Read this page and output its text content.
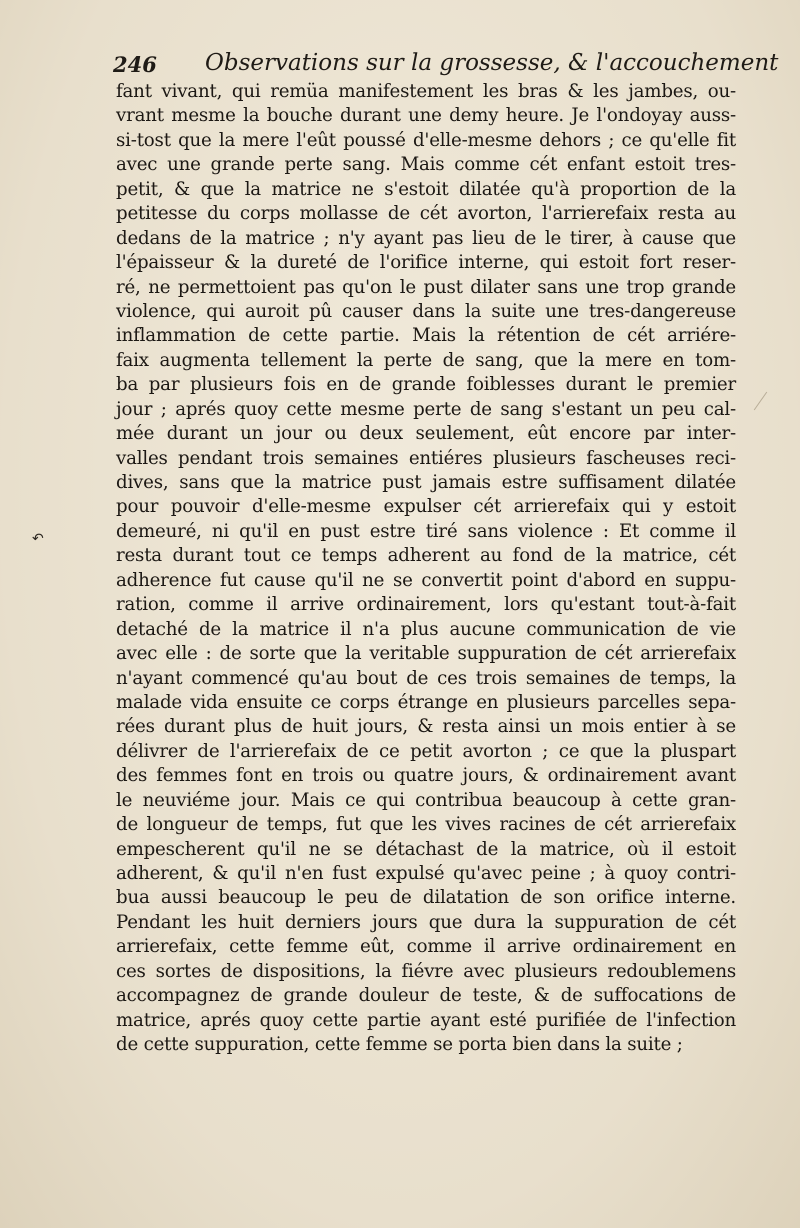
246 Observations sur la grossesse, & l'accouchement
fant vivant, qui remüa manifestement les bras & les jambes, ou-
vrant mesme la bouche durant une demy heure. Je l'ondoyay auss-
si-tost que la mere l'eût poussé d'elle-mesme dehors ; ce qu'elle fit
avec une grande perte sang. Mais comme cét enfant estoit tres-
petit, & que la matrice ne s'estoit dilatée qu'à proportion de la
petitesse du corps mollasse de cét avorton, l'arrierefaix resta au
dedans de la matrice ; n'y ayant pas lieu de le tirer, à cause que
l'épaisseur & la dureté de l'orifice interne, qui estoit fort reser-
ré, ne permettoient pas qu'on le pust dilater sans une trop grande
violence, qui auroit pû causer dans la suite une tres-dangereuse
inflammation de cette partie. Mais la rétention de cét arriére-
faix augmenta tellement la perte de sang, que la mere en tom-
ba par plusieurs fois en de grande foiblesses durant le premier
jour ; aprés quoy cette mesme perte de sang s'estant un peu cal-
mée durant un jour ou deux seulement, eût encore par inter-
valles pendant trois semaines entiéres plusieurs fascheuses reci-
dives, sans que la matrice pust jamais estre suffisament dilatée
pour pouvoir d'elle-mesme expulser cét arrierefaix qui y estoit
demeuré, ni qu'il en pust estre tiré sans violence : Et comme il
resta durant tout ce temps adherent au fond de la matrice, cét
adherence fut cause qu'il ne se convertit point d'abord en suppu-
ration, comme il arrive ordinairement, lors qu'estant tout-à-fait
detaché de la matrice il n'a plus aucune communication de vie
avec elle : de sorte que la veritable suppuration de cét arrierefaix
n'ayant commencé qu'au bout de ces trois semaines de temps, la
malade vida ensuite ce corps étrange en plusieurs parcelles sepa-
rées durant plus de huit jours, & resta ainsi un mois entier à se
délivrer de l'arrierefaix de ce petit avorton ; ce que la pluspart
des femmes font en trois ou quatre jours, & ordinairement avant
le neuviéme jour. Mais ce qui contribua beaucoup à cette gran-
de longueur de temps, fut que les vives racines de cét arrierefaix
empescherent qu'il ne se détachast de la matrice, où il estoit
adherent, & qu'il n'en fust expulsé qu'avec peine ; à quoy contri-
bua aussi beaucoup le peu de dilatation de son orifice interne.
Pendant les huit derniers jours que dura la suppuration de cét
arrierefaix, cette femme eût, comme il arrive ordinairement en
ces sortes de dispositions, la fiévre avec plusieurs redoublemens
accompagnez de grande douleur de teste, & de suffocations de
matrice, aprés quoy cette partie ayant esté purifiée de l'infection
de cette suppuration, cette femme se porta bien dans la suite ;
↶
